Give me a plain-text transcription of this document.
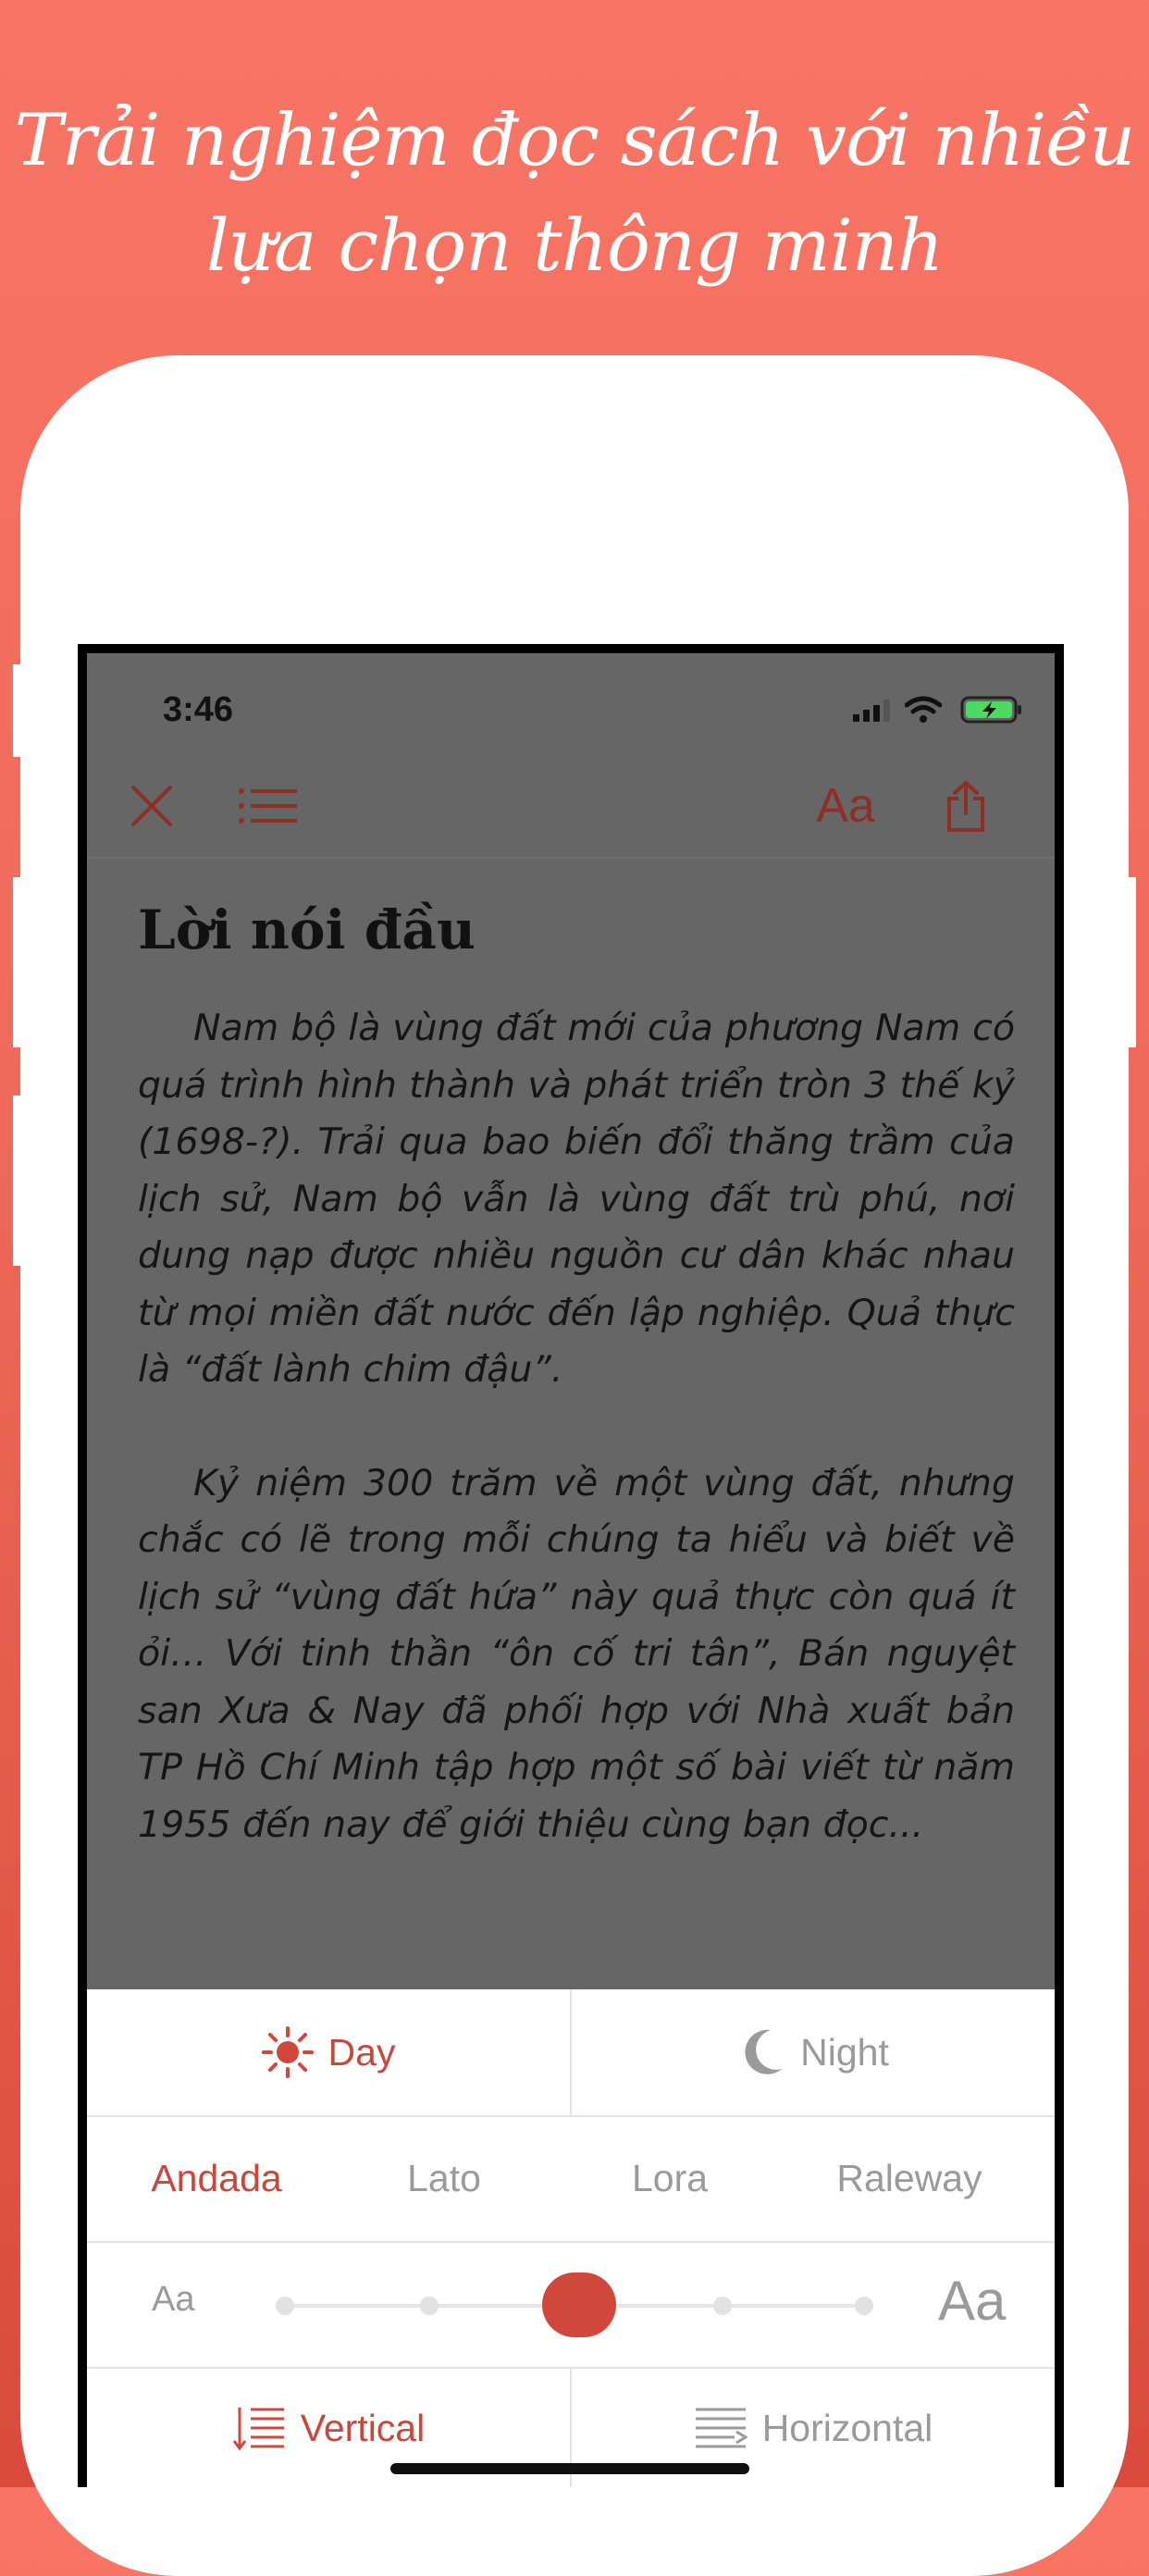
Trải nghiệm đọc sách với nhiều
lựa chọn thông minh
3:46
Aa
Lời nói đầu

Nam bộ là vùng đất mới của phương Nam có quá trình hình thành và phát triển tròn 3 thế kỷ (1698-?). Trải qua bao biến đổi thăng trầm của lịch sử, Nam bộ vẫn là vùng đất trù phú, nơi dung nạp được nhiều nguồn cư dân khác nhau từ mọi miền đất nước đến lập nghiệp. Quả thực là “đất lành chim đậu”.

Kỷ niệm 300 trăm về một vùng đất, nhưng chắc có lẽ trong mỗi chúng ta hiểu và biết về lịch sử “vùng đất hứa” này quả thực còn quá ít ỏi… Với tinh thần “ôn cố tri tân”, Bán nguyệt san Xưa & Nay đã phối hợp với Nhà xuất bản TP Hồ Chí Minh tập hợp một số bài viết từ năm 1955 đến nay để giới thiệu cùng bạn đọc...

Day	Night
Andada	Lato	Lora	Raleway
Aa	Aa
Vertical	Horizontal
